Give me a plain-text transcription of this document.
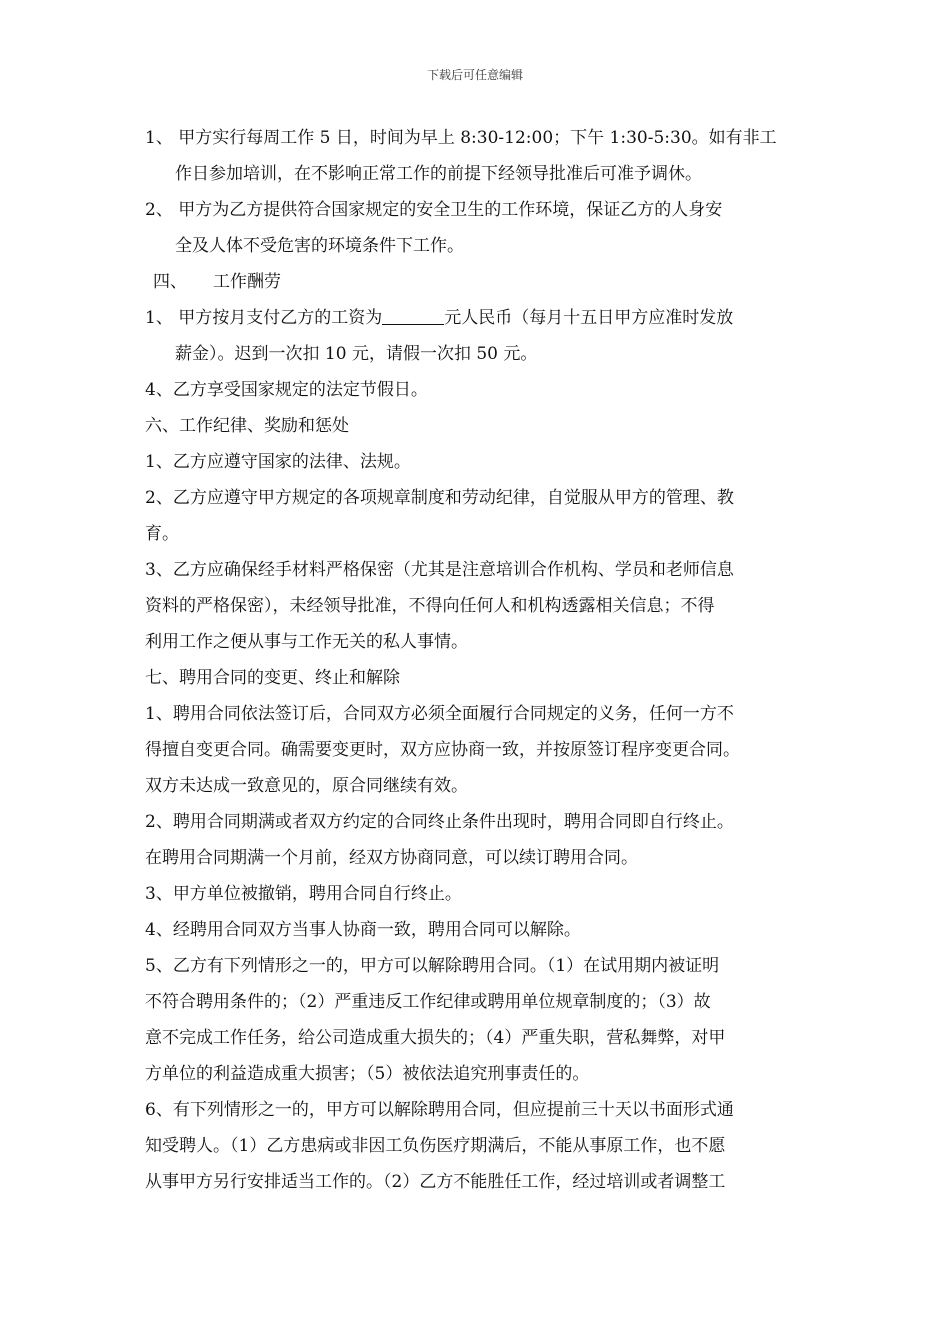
下载后可任意编辑
1、 甲方实行每周工作 5 日，时间为早上 8:30-12:00；下午 1:30-5:30。如有非工
作日参加培训，在不影响正常工作的前提下经领导批准后可准予调休。
2、 甲方为乙方提供符合国家规定的安全卫生的工作环境，保证乙方的人身安
全及人体不受危害的环境条件下工作。
四、 工作酬劳
1、 甲方按月支付乙方的工资为	元人民币（每月十五日甲方应准时发放
薪金）。迟到一次扣 10 元，请假一次扣 50 元。
4、乙方享受国家规定的法定节假日。
六、工作纪律、奖励和惩处
1、乙方应遵守国家的法律、法规。
2、乙方应遵守甲方规定的各项规章制度和劳动纪律，自觉服从甲方的管理、教
育。
3、乙方应确保经手材料严格保密（尤其是注意培训合作机构、学员和老师信息
资料的严格保密），未经领导批准，不得向任何人和机构透露相关信息；不得
利用工作之便从事与工作无关的私人事情。
七、聘用合同的变更、终止和解除
1、聘用合同依法签订后，合同双方必须全面履行合同规定的义务，任何一方不
得擅自变更合同。确需要变更时，双方应协商一致，并按原签订程序变更合同。
双方未达成一致意见的，原合同继续有效。
2、聘用合同期满或者双方约定的合同终止条件出现时，聘用合同即自行终止。
在聘用合同期满一个月前，经双方协商同意，可以续订聘用合同。
3、甲方单位被撤销，聘用合同自行终止。
4、经聘用合同双方当事人协商一致，聘用合同可以解除。
5、乙方有下列情形之一的，甲方可以解除聘用合同。（1）在试用期内被证明
不符合聘用条件的；（2）严重违反工作纪律或聘用单位规章制度的；（3）故
意不完成工作任务，给公司造成重大损失的；（4）严重失职，营私舞弊，对甲
方单位的利益造成重大损害；（5）被依法追究刑事责任的。
6、有下列情形之一的，甲方可以解除聘用合同，但应提前三十天以书面形式通
知受聘人。（1）乙方患病或非因工负伤医疗期满后，不能从事原工作，也不愿
从事甲方另行安排适当工作的。（2）乙方不能胜任工作，经过培训或者调整工
